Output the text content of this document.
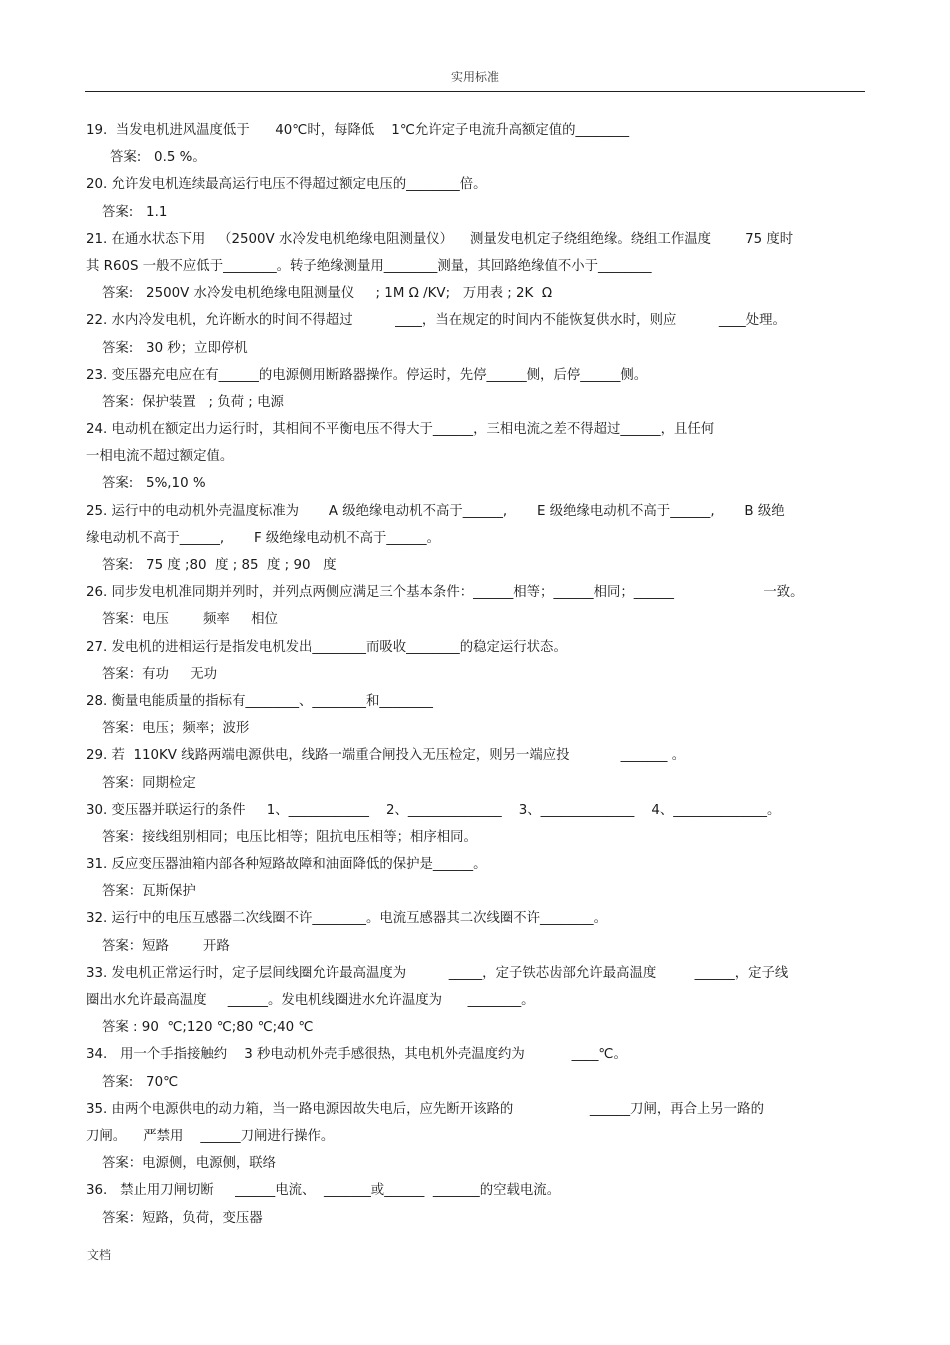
实用标准
19.  当发电机进风温度低于      40℃时，每降低    1℃允许定子电流升高额定值的________
答案:   0.5 %。
20. 允许发电机连续最高运行电压不得超过额定电压的________倍。
答案:   1.1
21. 在通水状态下用   （2500V 水冷发电机绝缘电阻测量仪）    测量发电机定子绕组绝缘。绕组工作温度        75 度时
其 R60S 一般不应低于________。转子绝缘测量用________测量，其回路绝缘值不小于________
答案:   2500V 水冷发电机绝缘电阻测量仪     ; 1M Ω /KV;   万用表 ; 2K  Ω
22. 水内冷发电机，允许断水的时间不得超过          ____，当在规定的时间内不能恢复供水时，则应          ____处理。
答案:   30 秒；立即停机
23. 变压器充电应在有______的电源侧用断路器操作。停运时，先停______侧，后停______侧。
答案：保护装置   ; 负荷 ; 电源
24. 电动机在额定出力运行时，其相间不平衡电压不得大于______，三相电流之差不得超过______，且任何
一相电流不超过额定值。
答案:   5%,10 %
25. 运行中的电动机外壳温度标准为       A 级绝缘电动机不高于______,       E 级绝缘电动机不高于______,       B 级绝
缘电动机不高于______,       F 级绝缘电动机不高于______。
答案:   75 度 ;80  度 ; 85  度 ; 90   度
26. 同步发电机准同期并列时，并列点两侧应满足三个基本条件：______相等；______相同；______                     一致。
答案：电压        频率     相位
27. 发电机的进相运行是指发电机发出________而吸收________的稳定运行状态。
答案：有功     无功
28. 衡量电能质量的指标有________、________和________
答案：电压；频率；波形
29. 若  110KV 线路两端电源供电，线路一端重合闸投入无压检定，则另一端应投            _______ 。
答案：同期检定
30. 变压器并联运行的条件     1、____________    2、______________    3、______________    4、______________。
答案：接线组别相同；电压比相等；阻抗电压相等；相序相同。
31. 反应变压器油箱内部各种短路故障和油面降低的保护是______。
答案：瓦斯保护
32. 运行中的电压互感器二次线圈不许________。电流互感器其二次线圈不许________。
答案：短路        开路
33. 发电机正常运行时，定子层间线圈允许最高温度为          _____，定子铁芯齿部允许最高温度         ______，定子线
圈出水允许最高温度     ______。发电机线圈进水允许温度为      ________。
答案 : 90  ℃;120 ℃;80 ℃;40 ℃
34.   用一个手指接触约    3 秒电动机外壳手感很热，其电机外壳温度约为           ____℃。
答案:   70℃
35. 由两个电源供电的动力箱，当一路电源因故失电后，应先断开该路的                  ______刀闸，再合上另一路的
刀闸。    严禁用    ______刀闸进行操作。
答案：电源侧，电源侧，联络
36.   禁止用刀闸切断     ______电流、  _______或______  _______的空载电流。
答案：短路，负荷，变压器
文档
